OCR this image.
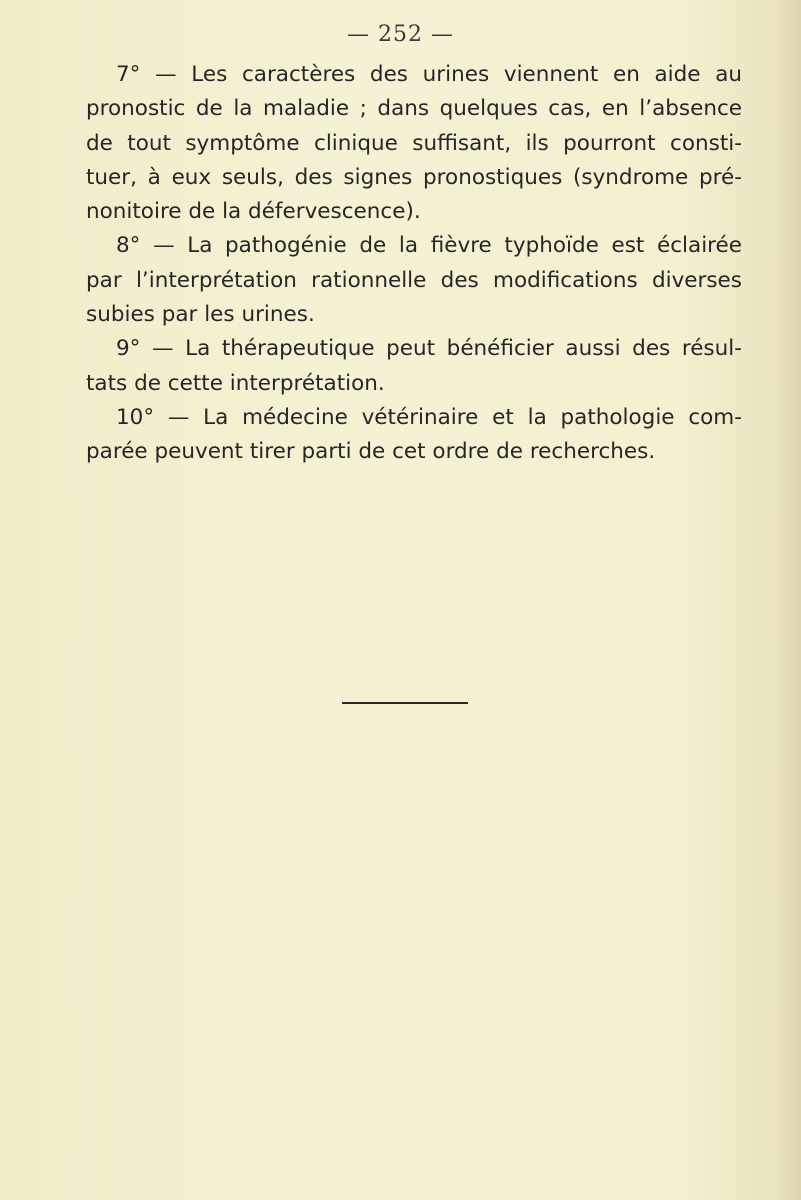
— 252 —
7° — Les caractères des urines viennent en aide au
pronostic de la maladie ; dans quelques cas, en l’absence
de tout symptôme clinique suffisant, ils pourront consti-
tuer, à eux seuls, des signes pronostiques (syndrome pré-
nonitoire de la défervescence).
8° — La pathogénie de la fièvre typhoïde est éclairée
par l’interprétation rationnelle des modifications diverses
subies par les urines.
9° — La thérapeutique peut bénéficier aussi des résul-
tats de cette interprétation.
10° — La médecine vétérinaire et la pathologie com-
parée peuvent tirer parti de cet ordre de recherches.
